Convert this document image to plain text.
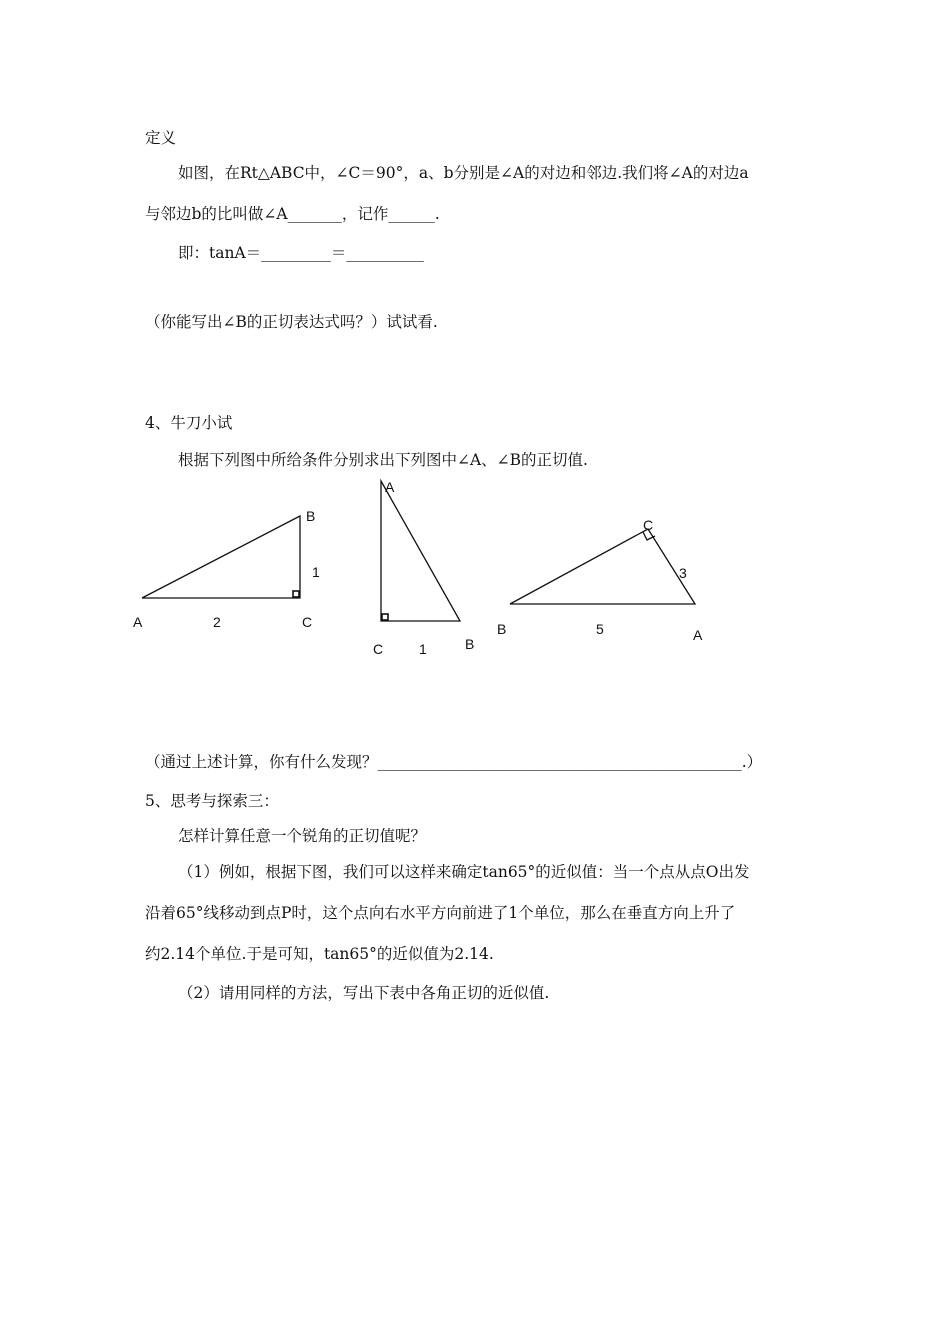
定义
如图，在Rt△ABC中，∠C＝90°，a、b分别是∠A的对边和邻边.我们将∠A的对边a
与邻边b的比叫做∠A_______，记作______.
即：tanA＝_________＝__________
（你能写出∠B的正切表达式吗？）试试看.
4、牛刀小试
根据下列图中所给条件分别求出下列图中∠A、∠B的正切值.
A
B
C
2
1
A
C	B
1
C
B	A
5
3
（通过上述计算，你有什么发现？_______________________________________________.）
5、思考与探索三：
怎样计算任意一个锐角的正切值呢？
（1）例如，根据下图，我们可以这样来确定tan65°的近似值：当一个点从点O出发
沿着65°线移动到点P时，这个点向右水平方向前进了1个单位，那么在垂直方向上升了
约2.14个单位.于是可知，tan65°的近似值为2.14.
（2）请用同样的方法，写出下表中各角正切的近似值.
